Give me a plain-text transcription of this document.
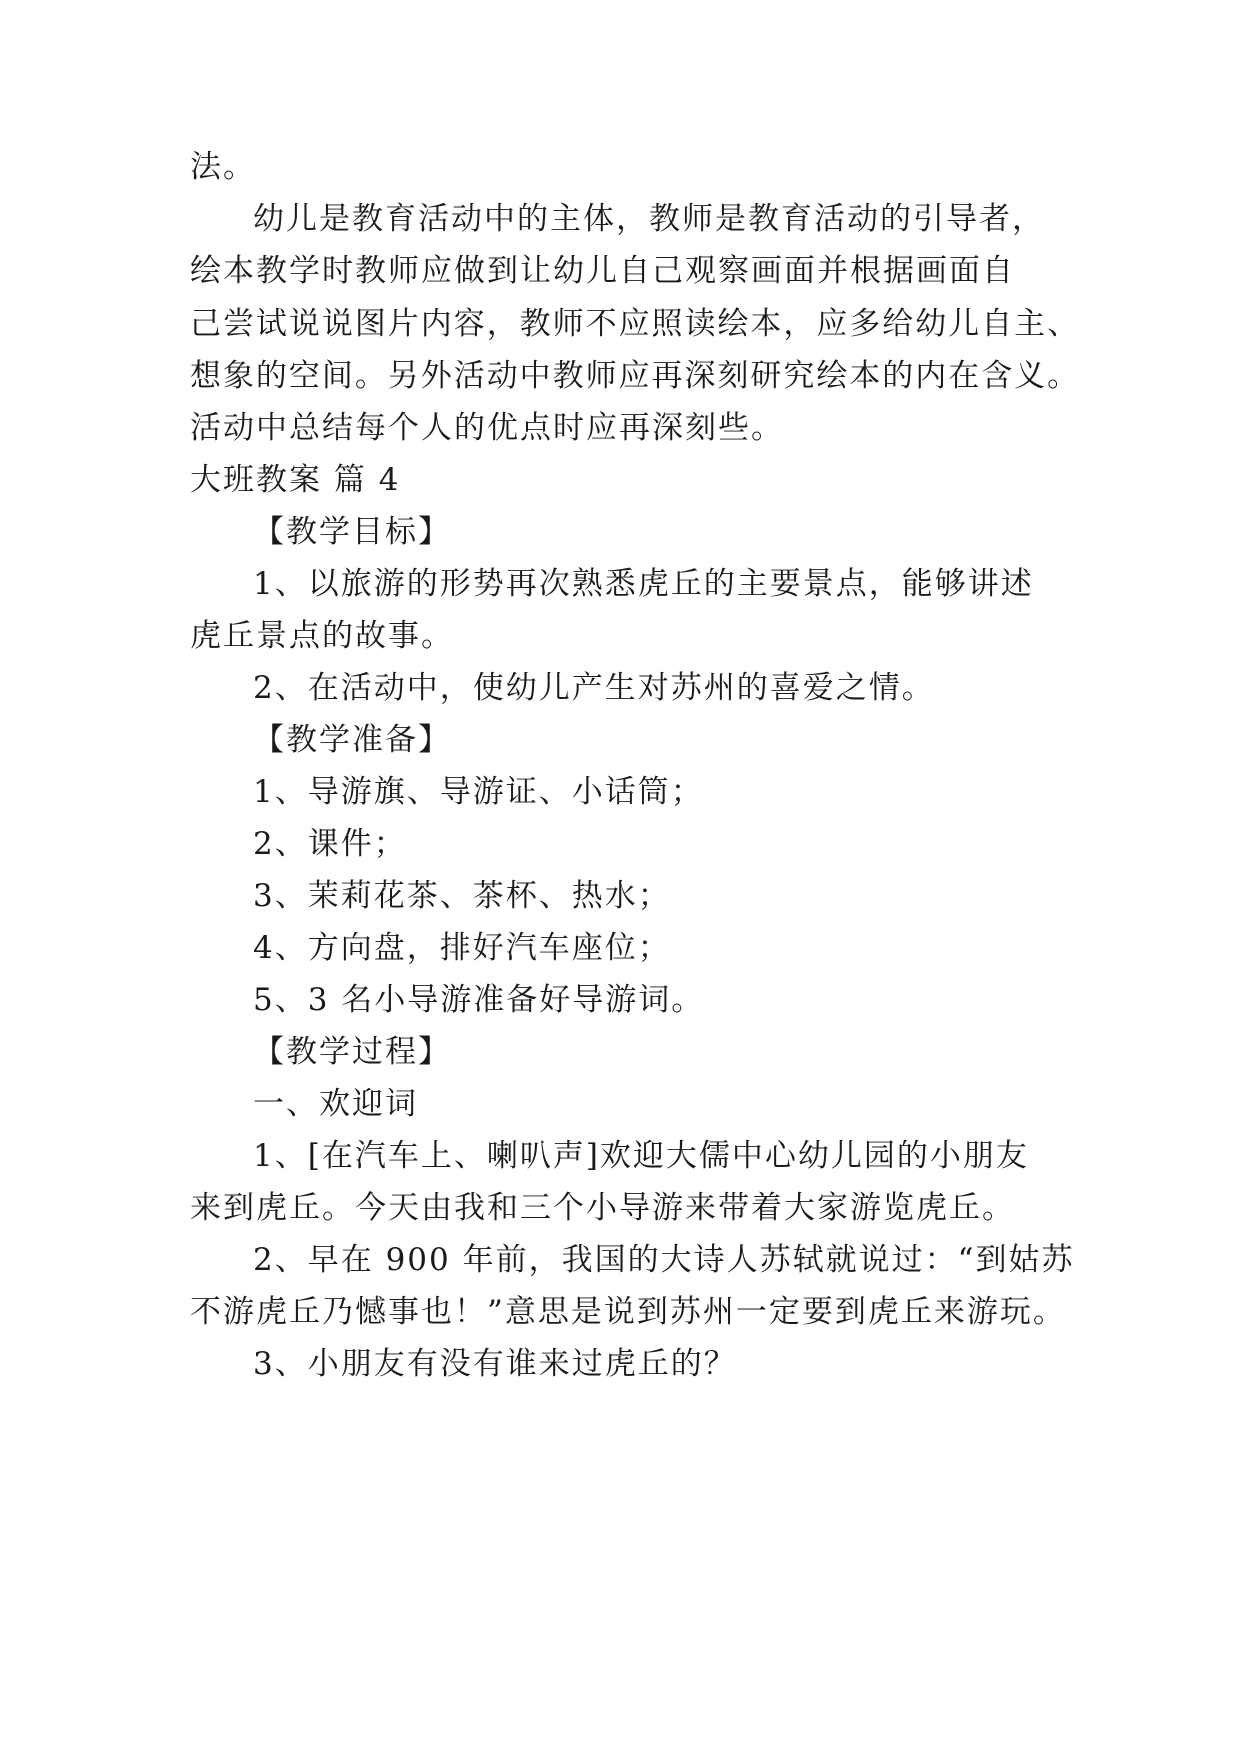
法。

幼儿是教育活动中的主体，教师是教育活动的引导者，

绘本教学时教师应做到让幼儿自己观察画面并根据画面自

己尝试说说图片内容，教师不应照读绘本，应多给幼儿自主、

想象的空间。另外活动中教师应再深刻研究绘本的内在含义。

活动中总结每个人的优点时应再深刻些。

大班教案 篇 4

【教学目标】

1、以旅游的形势再次熟悉虎丘的主要景点，能够讲述

虎丘景点的故事。

2、在活动中，使幼儿产生对苏州的喜爱之情。

【教学准备】

1、导游旗、导游证、小话筒；

2、课件；

3、茉莉花茶、茶杯、热水；

4、方向盘，排好汽车座位；

5、3 名小导游准备好导游词。

【教学过程】

一、欢迎词

1、[在汽车上、喇叭声]欢迎大儒中心幼儿园的小朋友

来到虎丘。今天由我和三个小导游来带着大家游览虎丘。

2、早在 900 年前，我国的大诗人苏轼就说过：“到姑苏

不游虎丘乃憾事也！”意思是说到苏州一定要到虎丘来游玩。

3、小朋友有没有谁来过虎丘的？
